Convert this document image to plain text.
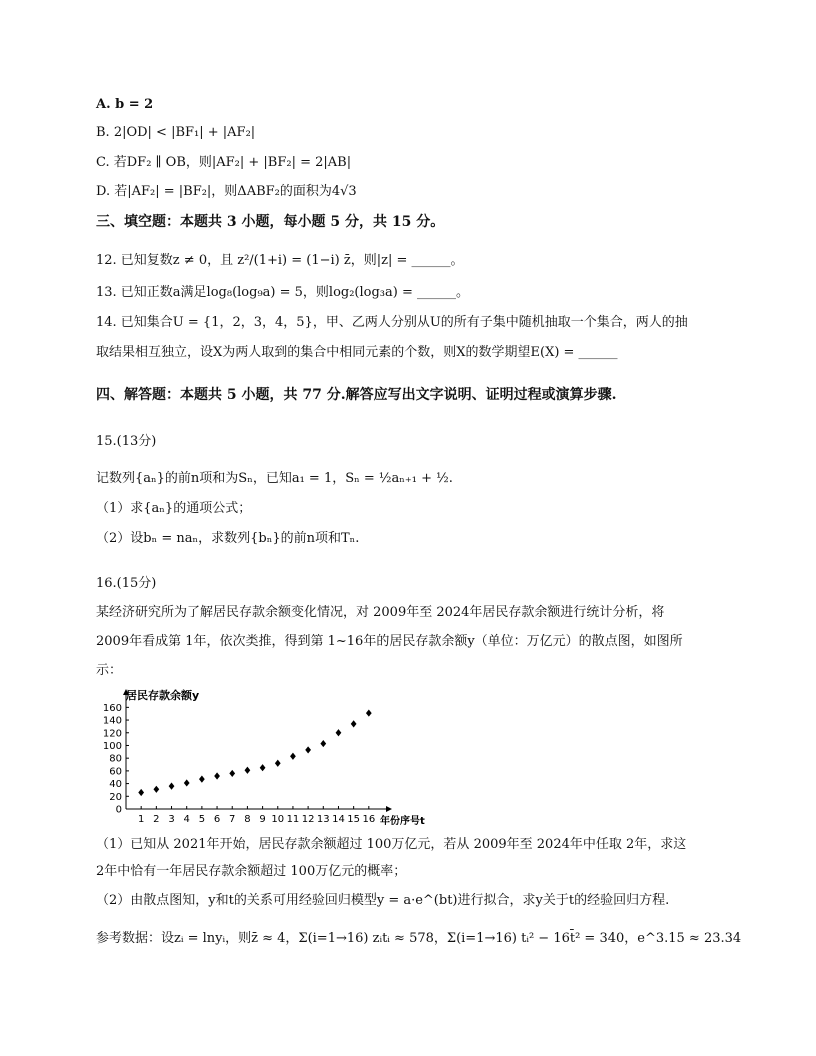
A. b = 2
B. 2|OD| < |BF₁| + |AF₂|
C. 若DF₂ ∥ OB，则|AF₂| + |BF₂| = 2|AB|
D. 若|AF₂| = |BF₂|，则ΔABF₂的面积为4√3
三、填空题：本题共 3 小题，每小题 5 分，共 15 分。
12. 已知复数z ≠ 0，且 z²/(1+i) = (1−i) z̄，则|z| = ______。
13. 已知正数a满足log₈(log₉a) = 5，则log₂(log₃a) = ______。
14. 已知集合U = {1，2，3，4，5}，甲、乙两人分别从U的所有子集中随机抽取一个集合，两人的抽
取结果相互独立，设X为两人取到的集合中相同元素的个数，则X的数学期望E(X) = ______
四、解答题：本题共 5 小题，共 77 分.解答应写出文字说明、证明过程或演算步骤.
15.(13分)
记数列{aₙ}的前n项和为Sₙ，已知a₁ = 1，Sₙ = ½aₙ₊₁ + ½.
（1）求{aₙ}的通项公式；
（2）设bₙ = naₙ，求数列{bₙ}的前n项和Tₙ.
16.(15分)
某经济研究所为了解居民存款余额变化情况，对 2009年至 2024年居民存款余额进行统计分析，将
2009年看成第 1年，依次类推，得到第 1~16年的居民存款余额y（单位：万亿元）的散点图，如图所
示：
0
20
40
60
80
100
120
140
160
1 2 3 4 5 6 7 8 9 10 11 12 13 14 15 16
居民存款余额y
年份序号t
（1）已知从 2021年开始，居民存款余额超过 100万亿元，若从 2009年至 2024年中任取 2年，求这
2年中恰有一年居民存款余额超过 100万亿元的概率；
（2）由散点图知，y和t的关系可用经验回归模型y = a·e^(bt)进行拟合，求y关于t的经验回归方程.
参考数据：设zᵢ = lnyᵢ，则z̄ ≈ 4，Σ(i=1→16) zᵢtᵢ ≈ 578，Σ(i=1→16) tᵢ² − 16t̄² = 340，e^3.15 ≈ 23.34
